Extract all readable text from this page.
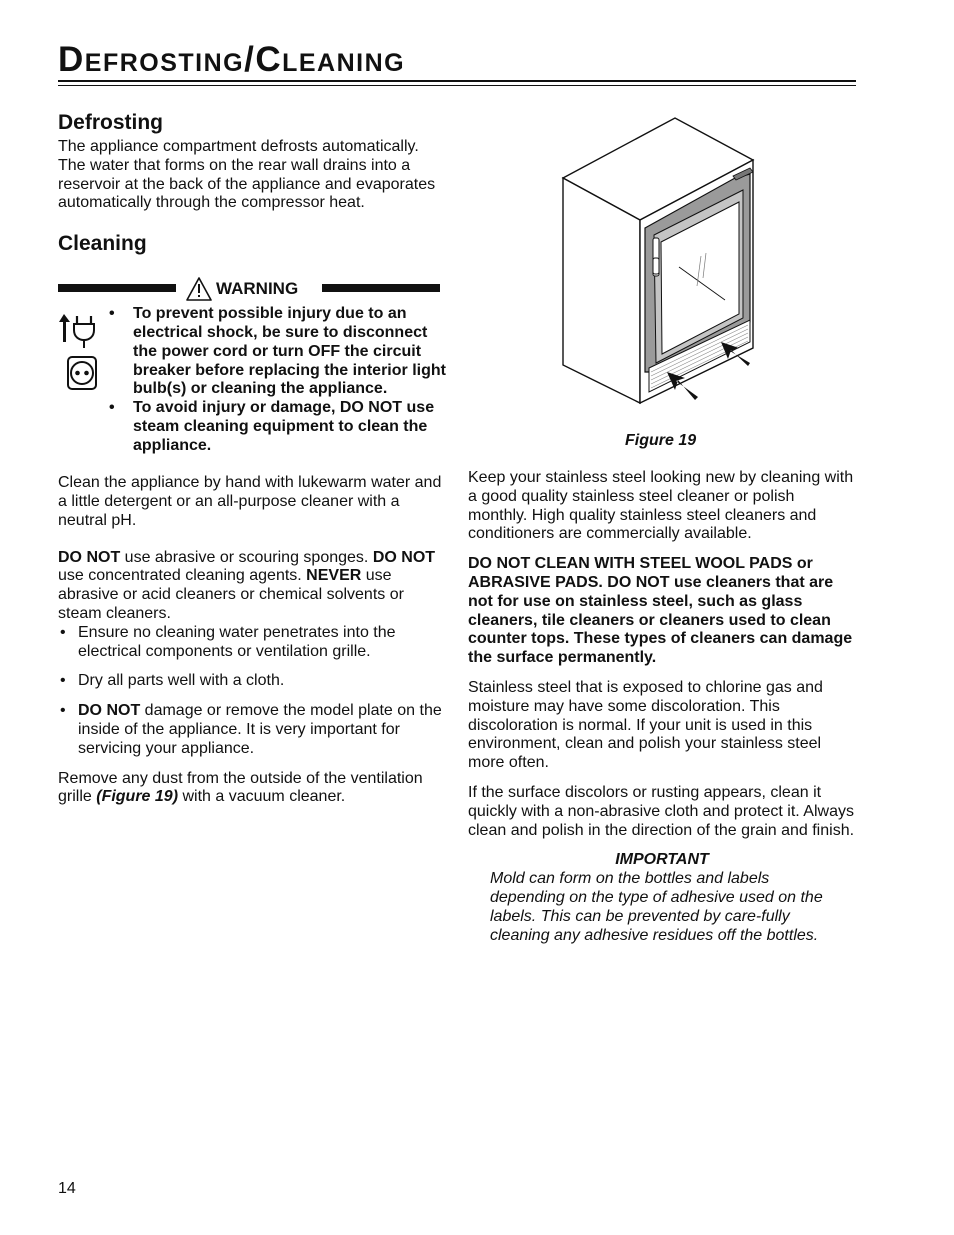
Defrosting/Cleaning
Defrosting

The appliance compartment defrosts automatically. The water that forms on the rear wall drains into a reservoir at the back of the appliance and evaporates automatically through the compressor heat.

Cleaning
WARNING

• To prevent possible injury due to an electrical shock, be sure to disconnect the power cord or turn OFF the circuit breaker before replacing the interior light bulb(s) or cleaning the appliance.
• To avoid injury or damage, DO NOT use steam cleaning equipment to clean the appliance.

Clean the appliance by hand with lukewarm water and a little detergent or an all-purpose cleaner with a neutral pH.

DO NOT use abrasive or scouring sponges. DO NOT use concentrated cleaning agents. NEVER use abrasive or acid cleaners or chemical solvents or steam cleaners.

• Ensure no cleaning water penetrates into the electrical components or ventilation grille.
• Dry all parts well with a cloth.
• DO NOT damage or remove the model plate on the inside of the appliance. It is very important for servicing your appliance.

Remove any dust from the outside of the ventilation grille (Figure 19) with a vacuum cleaner.

Figure 19

Keep your stainless steel looking new by cleaning with a good quality stainless steel cleaner or polish monthly. High quality stainless steel cleaners and conditioners are commercially available.

DO NOT CLEAN WITH STEEL WOOL PADS or ABRASIVE PADS. DO NOT use cleaners that are not for use on stainless steel, such as glass cleaners, tile cleaners or cleaners used to clean counter tops. These types of cleaners can damage the surface permanently.

Stainless steel that is exposed to chlorine gas and moisture may have some discoloration. This discoloration is normal. If your unit is used in this environment, clean and polish your stainless steel more often.

If the surface discolors or rusting appears, clean it quickly with a non-abrasive cloth and protect it. Always clean and polish in the direction of the grain and finish.

IMPORTANT
Mold can form on the bottles and labels depending on the type of adhesive used on the labels. This can be prevented by care-fully cleaning any adhesive residues off the bottles.
14
